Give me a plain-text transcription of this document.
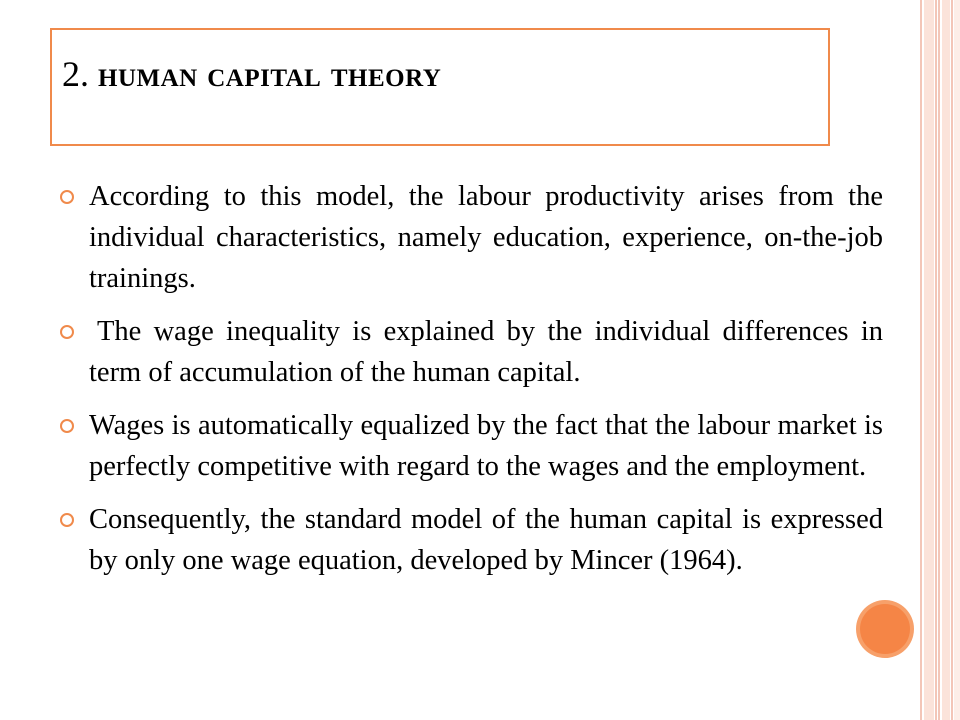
2. human capital theory
According to this model, the labour productivity arises from the individual characteristics, namely education, experience, on-the-job trainings.
The wage inequality is explained by the individual differences in term of accumulation of the human capital.
Wages is automatically equalized by the fact that the labour market is perfectly competitive with regard to the wages and the employment.
Consequently, the standard model of the human capital is expressed by only one wage equation, developed by Mincer (1964).
